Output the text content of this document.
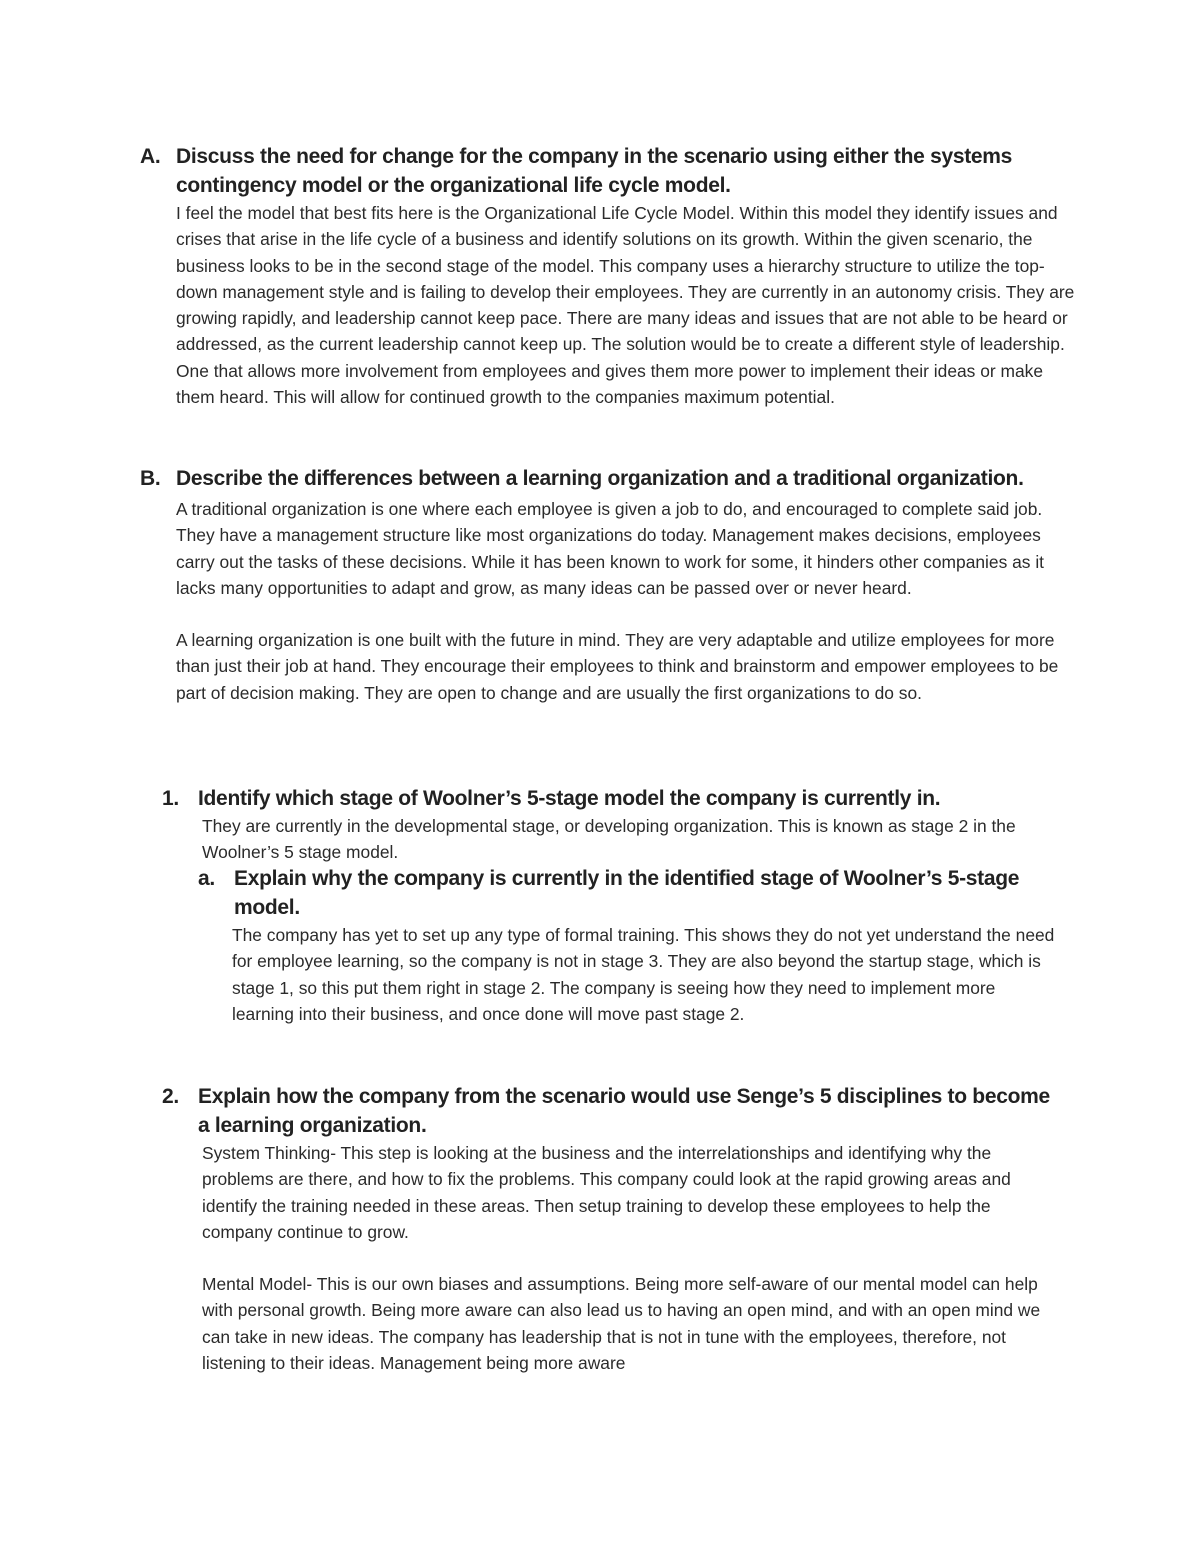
A. Discuss the need for change for the company in the scenario using either the systems contingency model or the organizational life cycle model.

I feel the model that best fits here is the Organizational Life Cycle Model. Within this model they identify issues and crises that arise in the life cycle of a business and identify solutions on its growth. Within the given scenario, the business looks to be in the second stage of the model. This company uses a hierarchy structure to utilize the top-down management style and is failing to develop their employees. They are currently in an autonomy crisis. They are growing rapidly, and leadership cannot keep pace. There are many ideas and issues that are not able to be heard or addressed, as the current leadership cannot keep up. The solution would be to create a different style of leadership. One that allows more involvement from employees and gives them more power to implement their ideas or make them heard. This will allow for continued growth to the companies maximum potential.

B. Describe the differences between a learning organization and a traditional organization.

A traditional organization is one where each employee is given a job to do, and encouraged to complete said job. They have a management structure like most organizations do today. Management makes decisions, employees carry out the tasks of these decisions. While it has been known to work for some, it hinders other companies as it lacks many opportunities to adapt and grow, as many ideas can be passed over or never heard.

A learning organization is one built with the future in mind. They are very adaptable and utilize employees for more than just their job at hand. They encourage their employees to think and brainstorm and empower employees to be part of decision making. They are open to change and are usually the first organizations to do so.

1. Identify which stage of Woolner’s 5-stage model the company is currently in.

They are currently in the developmental stage, or developing organization. This is known as stage 2 in the Woolner’s 5 stage model.

a. Explain why the company is currently in the identified stage of Woolner’s 5-stage model.

The company has yet to set up any type of formal training. This shows they do not yet understand the need for employee learning, so the company is not in stage 3. They are also beyond the startup stage, which is stage 1, so this put them right in stage 2. The company is seeing how they need to implement more learning into their business, and once done will move past stage 2.

2. Explain how the company from the scenario would use Senge’s 5 disciplines to become a learning organization.

System Thinking- This step is looking at the business and the interrelationships and identifying why the problems are there, and how to fix the problems. This company could look at the rapid growing areas and identify the training needed in these areas. Then setup training to develop these employees to help the company continue to grow.

Mental Model- This is our own biases and assumptions. Being more self-aware of our mental model can help with personal growth. Being more aware can also lead us to having an open mind, and with an open mind we can take in new ideas. The company has leadership that is not in tune with the employees, therefore, not listening to their ideas. Management being more aware
